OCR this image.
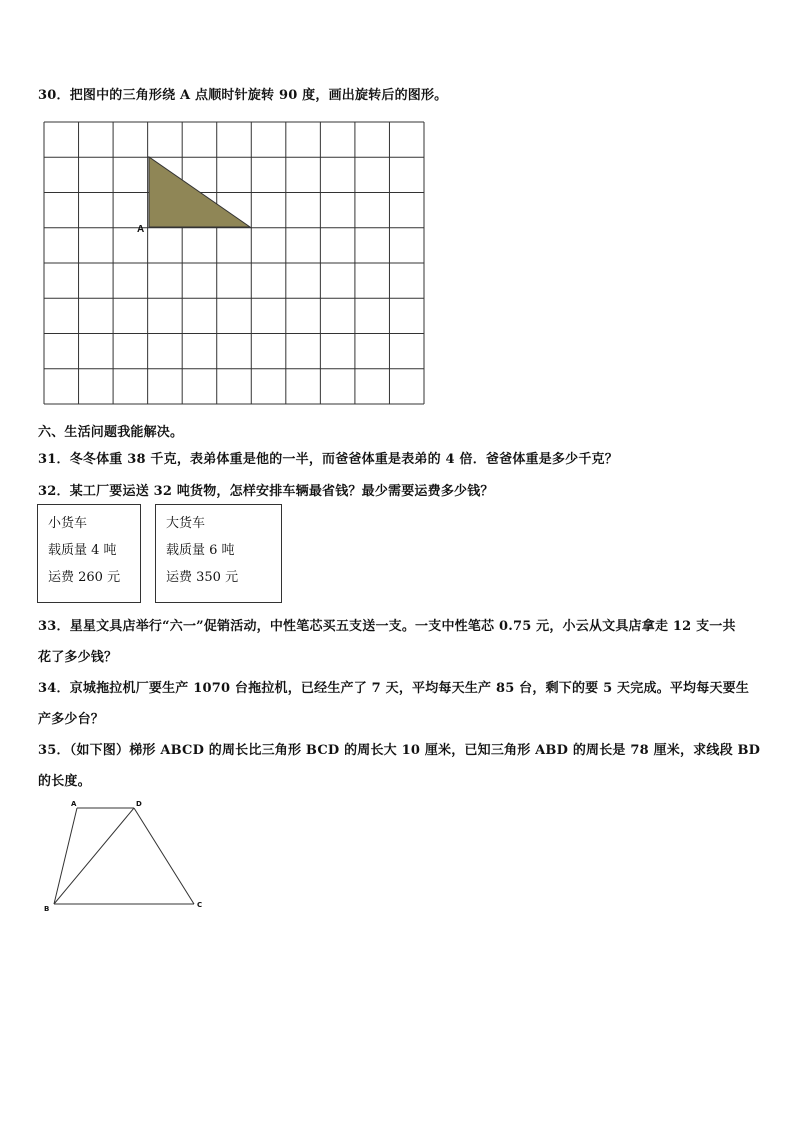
30．把图中的三角形绕 A 点顺时针旋转 90 度，画出旋转后的图形。
A
六、生活问题我能解决。
31．冬冬体重 38 千克，表弟体重是他的一半，而爸爸体重是表弟的 4 倍．爸爸体重是多少千克？
32．某工厂要运送 32 吨货物，怎样安排车辆最省钱？最少需要运费多少钱？
小货车
载质量 4 吨
运费 260 元
大货车
载质量 6 吨
运费 350 元
33．星星文具店举行“六一”促销活动，中性笔芯买五支送一支。一支中性笔芯 0.75 元，小云从文具店拿走 12 支一共
花了多少钱？
34．京城拖拉机厂要生产 1070 台拖拉机，已经生产了 7 天，平均每天生产 85 台，剩下的要 5 天完成。平均每天要生
产多少台？
35．（如下图）梯形 ABCD 的周长比三角形 BCD 的周长大 10 厘米，已知三角形 ABD 的周长是 78 厘米，求线段 BD
的长度。
A	D
B	C
